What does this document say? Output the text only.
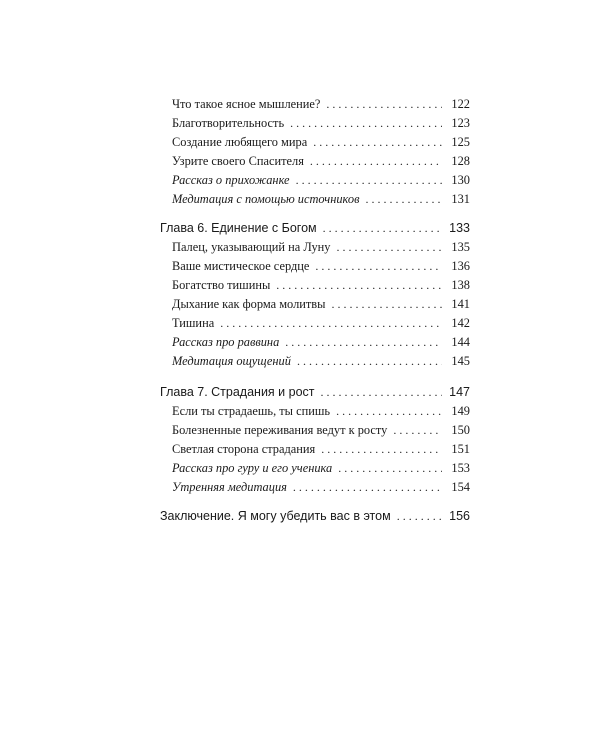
Что такое ясное мышление? . . .	122
Благотворительность . . .	123
Создание любящего мира . . .	125
Узрите своего Спасителя . . .	128
Рассказ о прихожанке . . .	130
Медитация с помощью источников . . .	131
Глава 6. Единение с Богом . . .	133
Палец, указывающий на Луну . . .	135
Ваше мистическое сердце . . .	136
Богатство тишины . . .	138
Дыхание как форма молитвы . . .	141
Тишина . . .	142
Рассказ про раввина . . .	144
Медитация ощущений . . .	145
Глава 7. Страдания и рост . . .	147
Если ты страдаешь, ты спишь . . .	149
Болезненные переживания ведут к росту . . .	150
Светлая сторона страдания . . .	151
Рассказ про гуру и его ученика . . .	153
Утренняя медитация . . .	154
Заключение. Я могу убедить вас в этом . . .	156
